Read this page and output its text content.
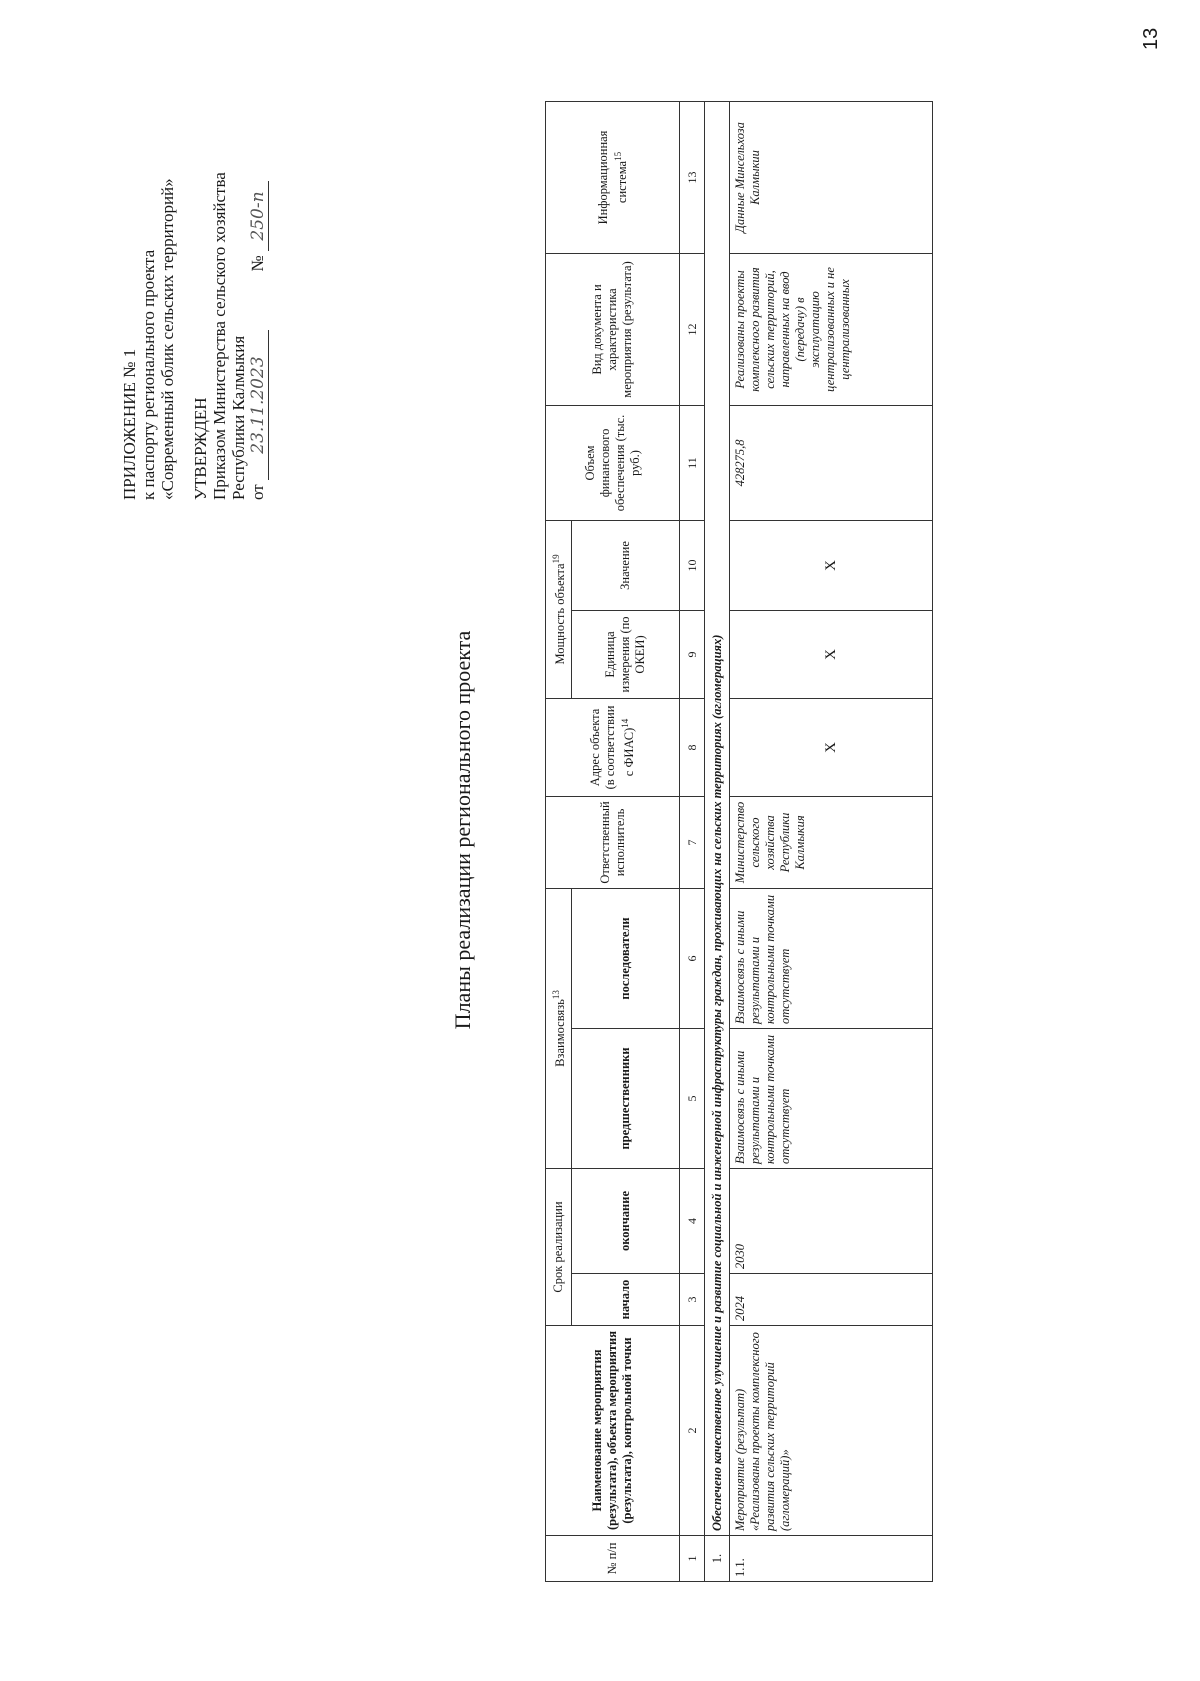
13
ПРИЛОЖЕНИЕ № 1 к паспорту регионального проекта «Современный облик сельских территорий» УТВЕРЖДЕН Приказом Министерства сельского хозяйства Республики Калмыкия от 23.11.2023  № 250-п
Планы реализации регионального проекта
№ п/п	Наименование мероприятия (результата), объекта мероприятия (результата), контрольной точки	Срок реализации		Взаимосвязь$^{13}$		Ответственный исполнитель	Адрес объекта (в соответствии с ФИАС)$^{14}$	Мощность объекта$^{19}$		Объем финансового обеспечения (тыс. руб.)	Вид документа и характеристика мероприятия (результата)	Информационная система$^{15}$
		начало	окончание	предшественники	последователи			Единица измерения (по ОКЕИ)	Значение			
1	2	3	4	5	6	7	8	9	10	11	12	13
1.	Обеспечено качественное улучшение и развитие социальной и инженерной инфраструктуры граждан, проживающих на сельских территориях (агломерациях)											
1.1.	Мероприятие (результат) «Реализованы проекты комплексного развития сельских территорий (агломераций)»	2024	2030	Взаимосвязь с иными результатами и контрольными точками отсутствует	Взаимосвязь с иными результатами и контрольными точками отсутствует	Министерство сельского хозяйства Республики Калмыкия	X	X	X	428275,8	Реализованы проекты комплексного развития сельских территорий, направленных на ввод (передачу) в эксплуатацию централизованных и не централизованных	Данные Минсельхоза Калмыкии
